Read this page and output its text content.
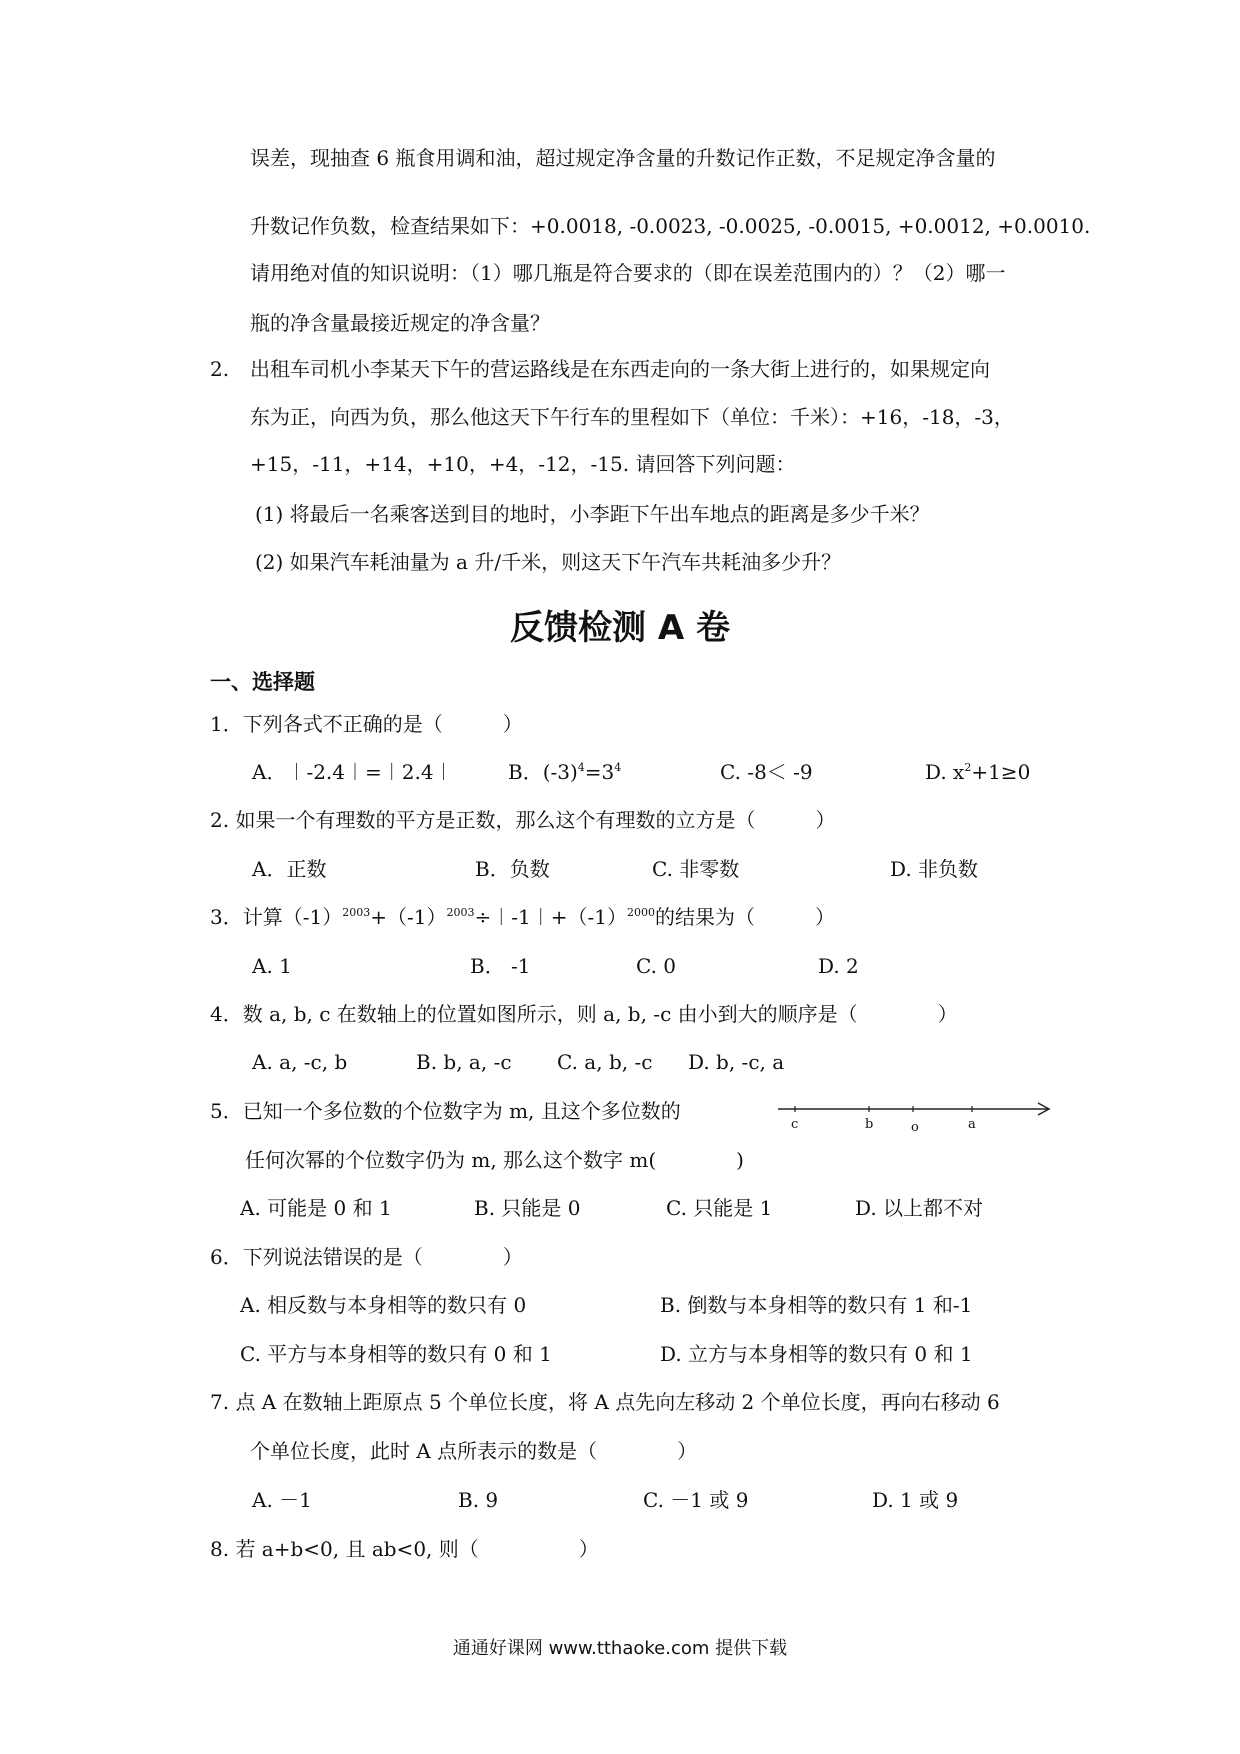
误差，现抽查 6 瓶食用调和油，超过规定净含量的升数记作正数，不足规定净含量的
升数记作负数，检查结果如下：+0.0018, -0.0023, -0.0025, -0.0015, +0.0012, +0.0010.
请用绝对值的知识说明：（1）哪几瓶是符合要求的（即在误差范围内的）？（2）哪一
瓶的净含量最接近规定的净含量？
2. 出租车司机小李某天下午的营运路线是在东西走向的一条大街上进行的，如果规定向
东为正，向西为负，那么他这天下午行车的里程如下（单位：千米）：+16，-18，-3，
+15，-11，+14，+10，+4，-12，-15. 请回答下列问题：
(1) 将最后一名乘客送到目的地时，小李距下午出车地点的距离是多少千米？
(2) 如果汽车耗油量为 a 升/千米，则这天下午汽车共耗油多少升？
反馈检测 A 卷
一、选择题
1．下列各式不正确的是（　　　）
A．︱-2.4︱=︱2.4︱	B．$(-3)^4=3^4$	C. -8＜ -9	D. $x^2+1\ge 0$
2. 如果一个有理数的平方是正数，那么这个有理数的立方是（　　　）
A．正数	B．负数	C. 非零数	D. 非负数
3．计算$(-1)^{2003}+(-1)^{2003}\div︱-1︱+(-1)^{2000}$的结果为（　　　）
A. 1	B． -1	C. 0	D. 2
4．数 a, b, c 在数轴上的位置如图所示，则 a, b, -c 由小到大的顺序是（　　　　）
A. a, -c, b	B. b, a, -c C. a, b, -c D. b, -c, a
5．已知一个多位数的个位数字为 m, 且这个多位数的
任何次幂的个位数字仍为 m, 那么这个数字 m(　　　　)
A. 可能是 0 和 1	B. 只能是 0	C. 只能是 1	D. 以上都不对
c	b	o	a
6．下列说法错误的是（　　　　）
A. 相反数与本身相等的数只有 0	B. 倒数与本身相等的数只有 1 和-1
C. 平方与本身相等的数只有 0 和 1	D. 立方与本身相等的数只有 0 和 1
7. 点 A 在数轴上距原点 5 个单位长度，将 A 点先向左移动 2 个单位长度，再向右移动 6
个单位长度，此时 A 点所表示的数是（　　　　）
A. －1	B. 9	C. －1 或 9	D. 1 或 9
8. 若 a+b<0, 且 ab<0, 则（　　　　　）
通通好课网 www.tthaoke.com 提供下载
